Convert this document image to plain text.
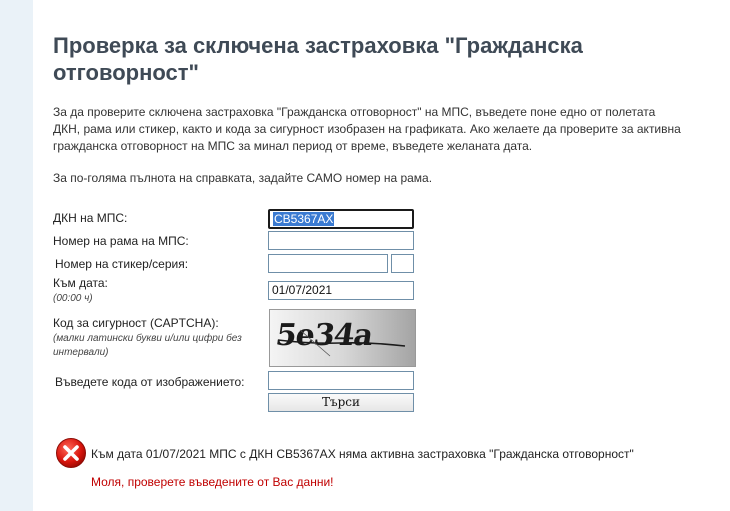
Проверка за сключена застраховка "Гражданска отговорност"
За да проверите сключена застраховка "Гражданска отговорност" на МПС, въведете поне едно от полетата
ДКН, рама или стикер, както и кода за сигурност изобразен на графиката. Ако желаете да проверите за активна
гражданска отговорност на МПС за минал период от време, въведете желаната дата.

За по-голяма пълнота на справката, задайте САМО номер на рама.

ДКН на МПС:	CB5367AX
Номер на рама на МПС:
Номер на стикер/серия:
Към дата:
(00:00 ч)
01/07/2021
Код за сигурност (CAPTCHA):
(малки латински букви и/или цифри без
интервали)	5e34a
Въведете кода от изображението:
Търси
Към дата 01/07/2021 МПС с ДКН CB5367AX няма активна застраховка "Гражданска отговорност"
Моля, проверете въведените от Вас данни!
